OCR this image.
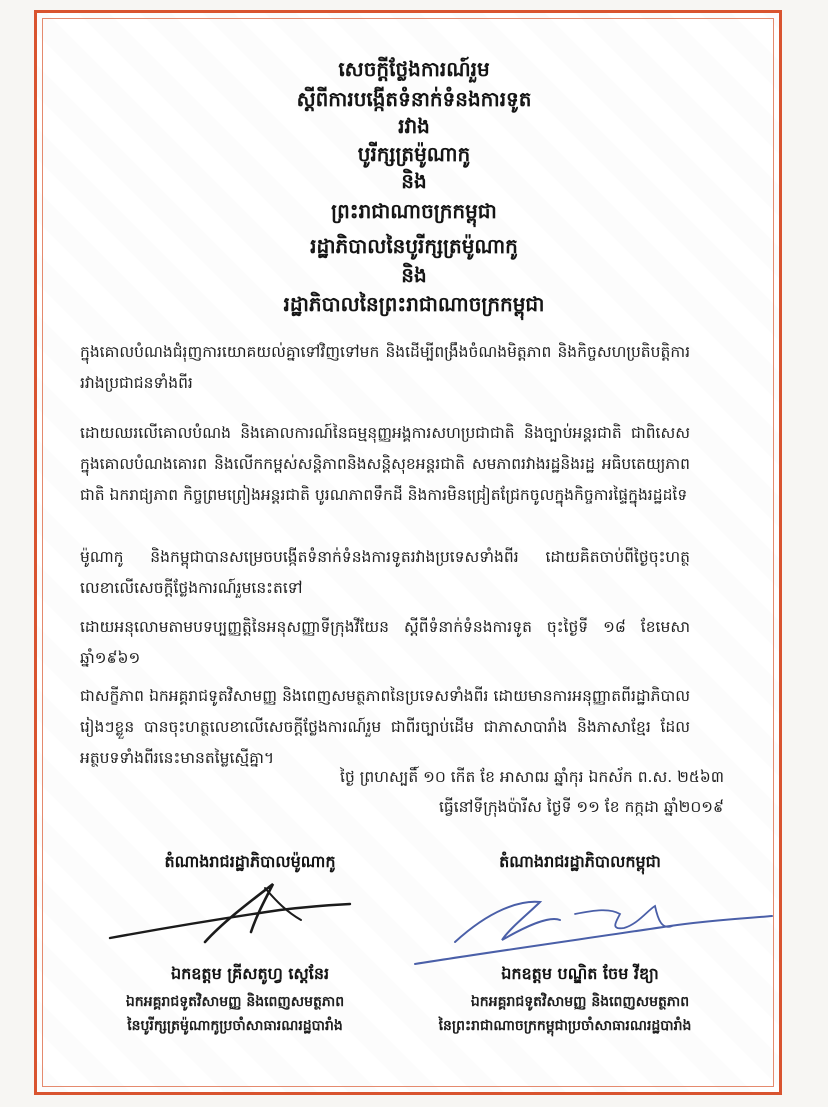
សេចក្តីថ្លែងការណ៍រួម
ស្តីពីការបង្កើតទំនាក់ទំនងការទូត
រវាង
បូរីក្សត្រម៉ូណាកូ
និង
ព្រះរាជាណាចក្រកម្ពុជា
រដ្ឋាភិបាលនៃបូរីក្សត្រម៉ូណាកូ
និង
រដ្ឋាភិបាលនៃព្រះរាជាណាចក្រកម្ពុជា
ក្នុងគោលបំណងជំរុញការយោគយល់គ្នាទៅវិញទៅមក និងដើម្បីពង្រឹងចំណងមិត្តភាព និងកិច្ចសហប្រតិបត្តិការរវាងប្រជាជនទាំងពីរ
ដោយឈរលើគោលបំណង និងគោលការណ៍នៃធម្មនុញ្ញអង្គការសហប្រជាជាតិ និងច្បាប់អន្តរជាតិ ជាពិសេសក្នុងគោលបំណងគោរព និងលើកកម្ពស់សន្តិភាពនិងសន្តិសុខអន្តរជាតិ សមភាពរវាងរដ្ឋនិងរដ្ឋ អធិបតេយ្យភាពជាតិ ឯករាជ្យភាព កិច្ចព្រមព្រៀងអន្តរជាតិ បូរណភាពទឹកដី និងការមិនជ្រៀតជ្រែកចូលក្នុងកិច្ចការផ្ទៃក្នុងរដ្ឋដទៃ
ម៉ូណាកូ និងកម្ពុជាបានសម្រេចបង្កើតទំនាក់ទំនងការទូតរវាងប្រទេសទាំងពីរ ដោយគិតចាប់ពីថ្ងៃចុះហត្ថលេខាលើសេចក្តីថ្លែងការណ៍រួមនេះតទៅ
ដោយអនុលោមតាមបទប្បញ្ញត្តិនៃអនុសញ្ញាទីក្រុងវីយែន ស្តីពីទំនាក់ទំនងការទូត ចុះថ្ងៃទី ១៨ ខែមេសា ឆ្នាំ១៩៦១
ជាសក្ខីភាព ឯកអគ្គរាជទូតវិសាមញ្ញ និងពេញសមត្ថភាពនៃប្រទេសទាំងពីរ ដោយមានការអនុញ្ញាតពីរដ្ឋាភិបាលរៀងៗខ្លួន បានចុះហត្ថលេខាលើសេចក្តីថ្លែងការណ៍រួម ជាពីរច្បាប់ដើម ជាភាសាបារាំង និងភាសាខ្មែរ ដែលអត្ថបទទាំងពីរនេះមានតម្លៃស្មើគ្នា។
ថ្ងៃ ព្រហស្បតិ៍ ១០ កើត ខែ អាសាឍ ឆ្នាំកុរ ឯកស័ក ព.ស. ២៥៦៣
ធ្វើនៅទីក្រុងប៉ារីស ថ្ងៃទី ១១ ខែ កក្កដា ឆ្នាំ២០១៩
តំណាងរាជរដ្ឋាភិបាលម៉ូណាកូ
ឯកឧត្តម គ្រីសតូហ្វ ស្តេនែរ
ឯកអគ្គរាជទូតវិសាមញ្ញ និងពេញសមត្ថភាព
នៃបូរីក្សត្រម៉ូណាកូប្រចាំសាធារណរដ្ឋបារាំង
តំណាងរាជរដ្ឋាភិបាលកម្ពុជា
ឯកឧត្តម បណ្ឌិត ចែម វីឌ្យា
ឯកអគ្គរាជទូតវិសាមញ្ញ និងពេញសមត្ថភាព
នៃព្រះរាជាណាចក្រកម្ពុជាប្រចាំសាធារណរដ្ឋបារាំង
